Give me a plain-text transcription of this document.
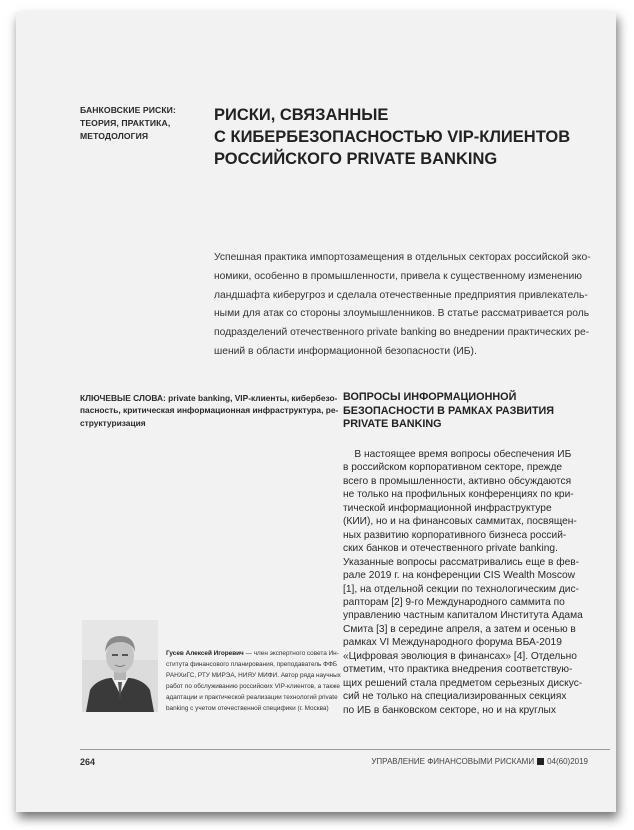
БАНКОВСКИЕ РИСКИ:
ТЕОРИЯ, ПРАКТИКА,
МЕТОДОЛОГИЯ
РИСКИ, СВЯЗАННЫЕ
С КИБЕРБЕЗОПАСНОСТЬЮ VIP-КЛИЕНТОВ
РОССИЙСКОГО PRIVATE BANKING
Успешная практика импортозамещения в отдельных секторах российской эко-
номики, особенно в промышленности, привела к существенному изменению
ландшафта киберугроз и сделала отечественные предприятия привлекатель-
ными для атак со стороны злоумышленников. В статье рассматривается роль
подразделений отечественного private banking во внедрении практических ре-
шений в области информационной безопасности (ИБ).
КЛЮЧЕВЫЕ СЛОВА: private banking, VIP-клиенты, кибербезо-
пасность, критическая информационная инфраструктура, ре-
структуризация
ВОПРОСЫ ИНФОРМАЦИОННОЙ
БЕЗОПАСНОСТИ В РАМКАХ РАЗВИТИЯ
PRIVATE BANKING
В настоящее время вопросы обеспечения ИБ
в российском корпоративном секторе, прежде
всего в промышленности, активно обсуждаются
не только на профильных конференциях по кри-
тической информационной инфраструктуре
(КИИ), но и на финансовых саммитах, посвящен-
ных развитию корпоративного бизнеса россий-
ских банков и отечественного private banking.
Указанные вопросы рассматривались еще в фев-
рале 2019 г. на конференции CIS Wealth Moscow
[1], на отдельной секции по технологическим дис-
рапторам [2] 9-го Международного саммита по
управлению частным капиталом Института Адама
Смита [3] в середине апреля, а затем и осенью в
рамках VI Международного форума ВБА-2019
«Цифровая эволюция в финансах» [4]. Отдельно
отметим, что практика внедрения соответствую-
щих решений стала предметом серьезных дискус-
сий не только на специализированных секциях
по ИБ в банковском секторе, но и на круглых
Гусев Алексей Игоревич — член экспертного совета Ин-
ститута финансового планирования, преподаватель ФФБ
РАНХиГС, РТУ МИРЭА, НИЯУ МИФИ. Автор ряда научных
работ по обслуживанию российских VIP-клиентов, а также
адаптации и практической реализации технологий private
banking с учетом отечественной специфики (г. Москва)
264	УПРАВЛЕНИЕ ФИНАНСОВЫМИ РИСКАМИ 04(60)2019
